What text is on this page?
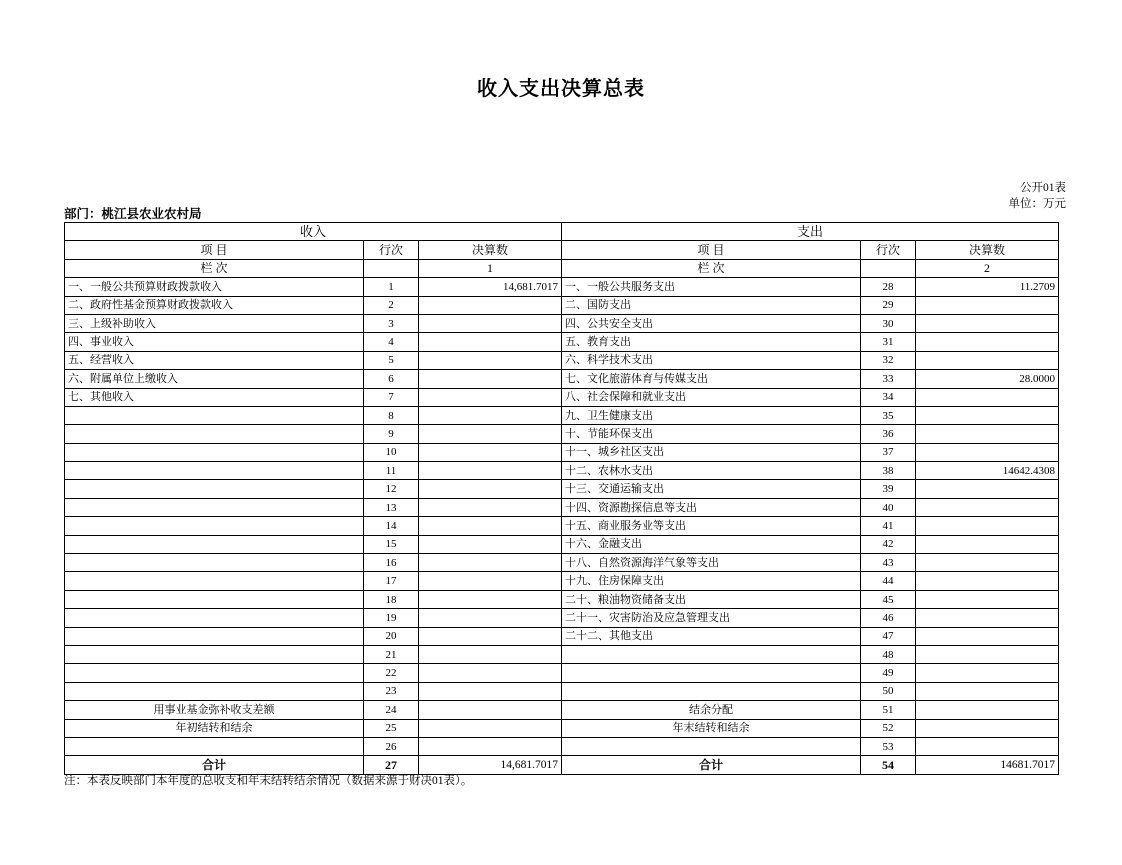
收入支出决算总表
公开01表
单位：万元
部门：桃江县农业农村局
收入			支出		
项 目	行次	决算数	项 目	行次	决算数
栏 次		1	栏 次		2
一、一般公共预算财政拨款收入	1	14,681.7017	一、一般公共服务支出	28	11.2709
二、政府性基金预算财政拨款收入	2		二、国防支出	29	
三、上级补助收入	3		四、公共安全支出	30	
四、事业收入	4		五、教育支出	31	
五、经营收入	5		六、科学技术支出	32	
六、附属单位上缴收入	6		七、文化旅游体育与传媒支出	33	28.0000
七、其他收入	7		八、社会保障和就业支出	34	
	8		九、卫生健康支出	35	
	9		十、节能环保支出	36	
	10		十一、城乡社区支出	37	
	11		十二、农林水支出	38	14642.4308
	12		十三、交通运输支出	39	
	13		十四、资源勘探信息等支出	40	
	14		十五、商业服务业等支出	41	
	15		十六、金融支出	42	
	16		十八、自然资源海洋气象等支出	43	
	17		十九、住房保障支出	44	
	18		二十、粮油物资储备支出	45	
	19		二十一、灾害防治及应急管理支出	46	
	20		二十二、其他支出	47	
	21			48	
	22			49	
	23			50	
用事业基金弥补收支差额	24		结余分配	51	
年初结转和结余	25		年末结转和结余	52	
	26			53	
合计	27	14,681.7017	合计	54	14681.7017
注：本表反映部门本年度的总收支和年末结转结余情况（数据来源于财决01表）。
